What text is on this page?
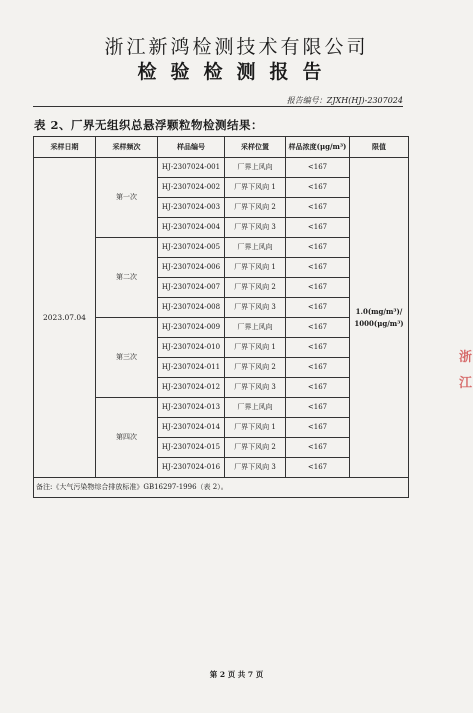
浙江新鸿检测技术有限公司
检验检测报告
报告编号：ZJXH(HJ)-2307024
表 2、厂界无组织总悬浮颗粒物检测结果：
采样日期	采样频次	样品编号	采样位置	样品浓度(μg/m³)	限值
2023.07.04	第一次	HJ-2307024-001	厂界上风向	<167	1.0(mg/m³)/
1000(μg/m³)

		HJ-2307024-002	厂界下风向 1	<167	
		HJ-2307024-003	厂界下风向 2	<167	
		HJ-2307024-004	厂界下风向 3	<167	
	第二次	HJ-2307024-005	厂界上风向	<167	
		HJ-2307024-006	厂界下风向 1	<167	
		HJ-2307024-007	厂界下风向 2	<167	
		HJ-2307024-008	厂界下风向 3	<167	
	第三次	HJ-2307024-009	厂界上风向	<167	
		HJ-2307024-010	厂界下风向 1	<167	
		HJ-2307024-011	厂界下风向 2	<167	
		HJ-2307024-012	厂界下风向 3	<167	
	第四次	HJ-2307024-013	厂界上风向	<167	
		HJ-2307024-014	厂界下风向 1	<167	
		HJ-2307024-015	厂界下风向 2	<167	
		HJ-2307024-016	厂界下风向 3	<167	
备注:《大气污染物综合排放标准》GB16297-1996（表 2）。					
第 2 页 共 7 页
浙江
